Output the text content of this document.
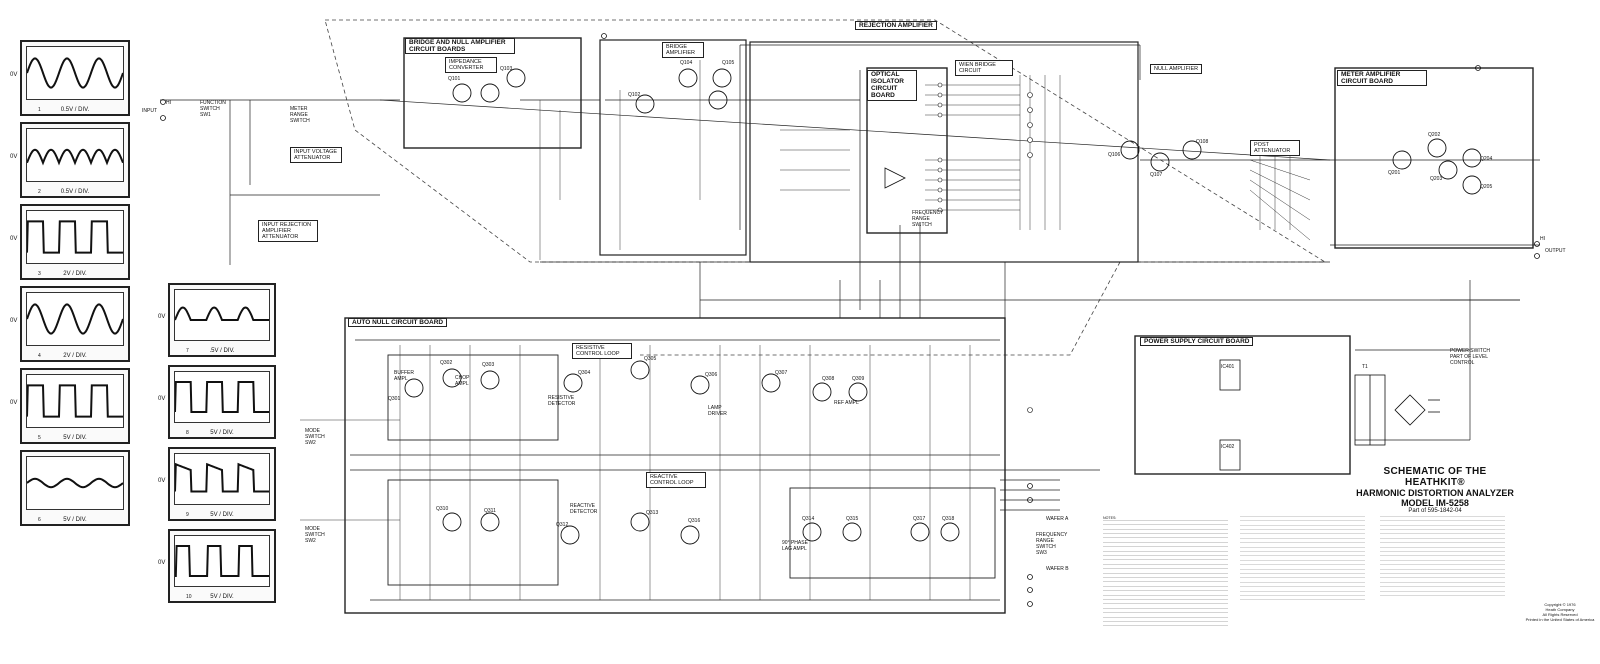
Q101
Q103
Q102
Q104	Q105
Q106
Q107
Q108
Q201
Q202
Q203
Q204
Q205
Q301
Q302	Q303
Q304
Q305
Q306	Q307
Q308	Q309
Q310	Q311
Q312
Q313
Q316	Q314	Q315	Q317	Q318
IC401
IC402
T1
HI
INPUT
HI
OUTPUT
WAFER A
FREQUENCY
RANGE
SWITCH
SW3
WAFER B
MODE
SWITCH
SW2
MODE
SWITCH
SW2
FUNCTION
SWITCH
SW1
METER
RANGE
SWITCH
POWER SWITCH
PART OF LEVEL
CONTROL
REJECTION AMPLIFIER
BRIDGE AND NULL AMPLIFIER CIRCUIT BOARDS
OPTICAL ISOLATOR CIRCUIT BOARD
METER AMPLIFIER CIRCUIT BOARD
AUTO NULL CIRCUIT BOARD
POWER SUPPLY CIRCUIT BOARD
IMPEDANCE CONVERTER
BRIDGE AMPLIFIER
WIEN BRIDGE CIRCUIT	NULL AMPLIFIER
POST ATTENUATOR
INPUT VOLTAGE ATTENUATOR
INPUT REJECTION AMPLIFIER ATTENUATOR
RESISTIVE CONTROL LOOP
REACTIVE CONTROL LOOP
RESISTIVE DETECTOR
REACTIVE DETECTOR
BUFFER AMPL	CHOP AMPL
LAMP DRIVER
90° PHASE LAG AMPL
REF AMPL
FREQUENCY RANGE SWITCH
0.5V / DIV.
0V
1
0.5V / DIV.
0V
2
2V / DIV.
0V
3
2V / DIV.
0V
4
5V / DIV.
0V
5
5V / DIV.
6
.5V / DIV.
0V
7
5V / DIV.
0V
8
5V / DIV.
0V
9
5V / DIV.
0V
10
SCHEMATIC OF THE
HEATHKIT®
HARMONIC DISTORTION ANALYZER
MODEL IM-5258
Part of 595-1842-04
NOTES:
Copyright © 1976
Heath Company
All Rights Reserved
Printed in the United States of America
